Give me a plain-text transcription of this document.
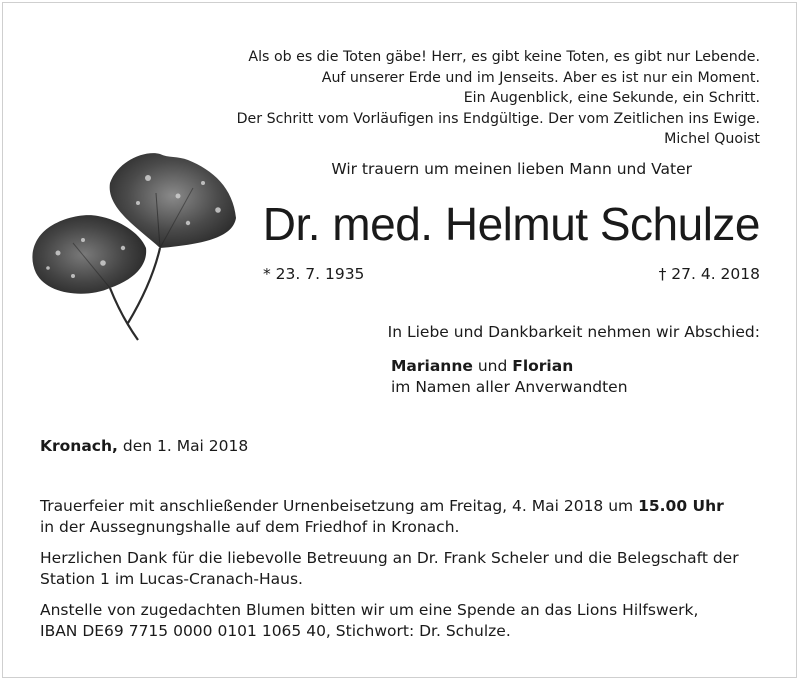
Als ob es die Toten gäbe! Herr, es gibt keine Toten, es gibt nur Lebende.
Auf unserer Erde und im Jenseits. Aber es ist nur ein Moment.
Ein Augenblick, eine Sekunde, ein Schritt.
Der Schritt vom Vorläufigen ins Endgültige. Der vom Zeitlichen ins Ewige.
Michel Quoist
Wir trauern um meinen lieben Mann und Vater
Dr. med. Helmut Schulze
* 23. 7. 1935	† 27. 4. 2018
In Liebe und Dankbarkeit nehmen wir Abschied:
Marianne und Florian
im Namen aller Anverwandten
Kronach, den 1. Mai 2018
Trauerfeier mit anschließender Urnenbeisetzung am Freitag, 4. Mai 2018 um 15.00 Uhr
in der Aussegnungshalle auf dem Friedhof in Kronach.
Herzlichen Dank für die liebevolle Betreuung an Dr. Frank Scheler und die Belegschaft der
Station 1 im Lucas-Cranach-Haus.
Anstelle von zugedachten Blumen bitten wir um eine Spende an das Lions Hilfswerk,
IBAN DE69 7715 0000 0101 1065 40, Stichwort: Dr. Schulze.
